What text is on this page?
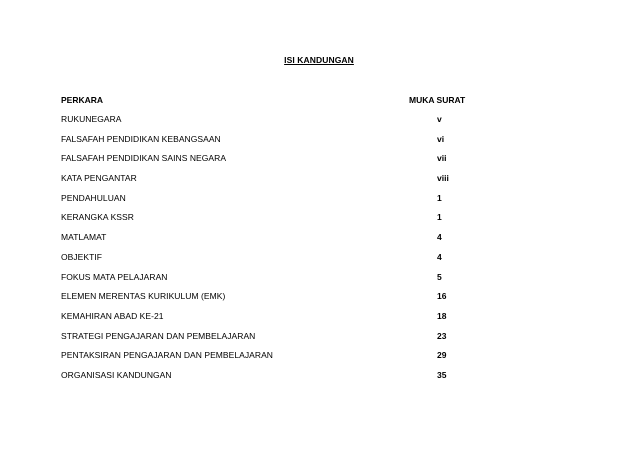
ISI KANDUNGAN
PERKARA	MUKA SURAT
RUKUNEGARA	v
FALSAFAH PENDIDIKAN KEBANGSAAN	vi
FALSAFAH PENDIDIKAN SAINS NEGARA	vii
KATA PENGANTAR	viii
PENDAHULUAN	1
KERANGKA KSSR	1
MATLAMAT	4
OBJEKTIF	4
FOKUS MATA PELAJARAN	5
ELEMEN MERENTAS KURIKULUM (EMK)	16
KEMAHIRAN ABAD KE-21	18
STRATEGI PENGAJARAN DAN PEMBELAJARAN	23
PENTAKSIRAN PENGAJARAN DAN PEMBELAJARAN	29
ORGANISASI KANDUNGAN	35
